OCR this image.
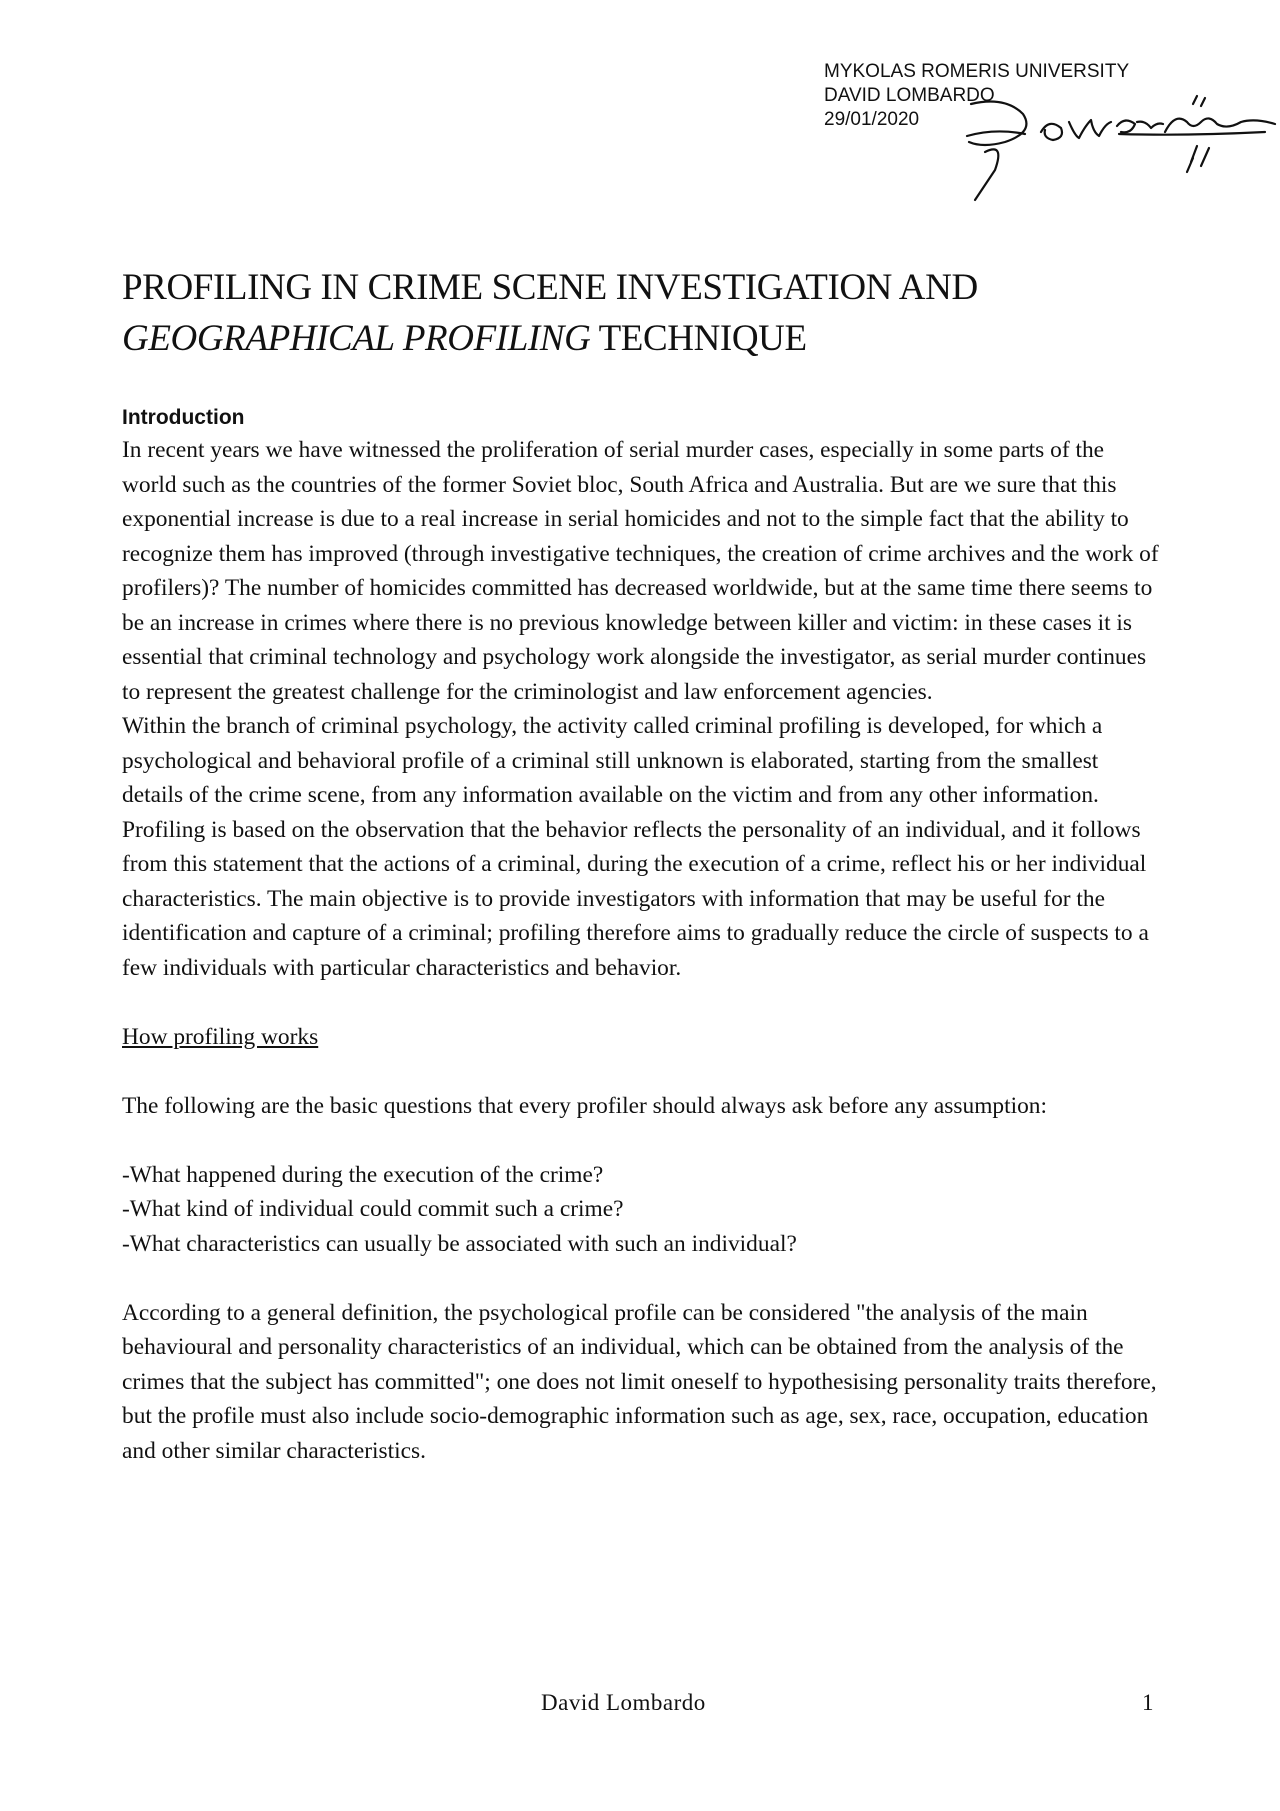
MYKOLAS ROMERIS UNIVERSITY
DAVID LOMBARDO
29/01/2020
PROFILING IN CRIME SCENE INVESTIGATION AND
GEOGRAPHICAL PROFILING TECHNIQUE

Introduction

In recent years we have witnessed the proliferation of serial murder cases, especially in some parts of the world such as the countries of the former Soviet bloc, South Africa and Australia. But are we sure that this exponential increase is due to a real increase in serial homicides and not to the simple fact that the ability to recognize them has improved (through investigative techniques, the creation of crime archives and the work of profilers)? The number of homicides committed has decreased worldwide, but at the same time there seems to be an increase in crimes where there is no previous knowledge between killer and victim: in these cases it is essential that criminal technology and psychology work alongside the investigator, as serial murder continues to represent the greatest challenge for the criminologist and law enforcement agencies.

Within the branch of criminal psychology, the activity called criminal profiling is developed, for which a psychological and behavioral profile of a criminal still unknown is elaborated, starting from the smallest details of the crime scene, from any information available on the victim and from any other information.

Profiling is based on the observation that the behavior reflects the personality of an individual, and it follows from this statement that the actions of a criminal, during the execution of a crime, reflect his or her individual characteristics. The main objective is to provide investigators with information that may be useful for the identification and capture of a criminal; profiling therefore aims to gradually reduce the circle of suspects to a few individuals with particular characteristics and behavior.

How profiling works

The following are the basic questions that every profiler should always ask before any assumption:

-What happened during the execution of the crime?

-What kind of individual could commit such a crime?

-What characteristics can usually be associated with such an individual?

According to a general definition, the psychological profile can be considered "the analysis of the main behavioural and personality characteristics of an individual, which can be obtained from the analysis of the crimes that the subject has committed"; one does not limit oneself to hypothesising personality traits therefore, but the profile must also include socio-demographic information such as age, sex, race, occupation, education and other similar characteristics.

David Lombardo	1
